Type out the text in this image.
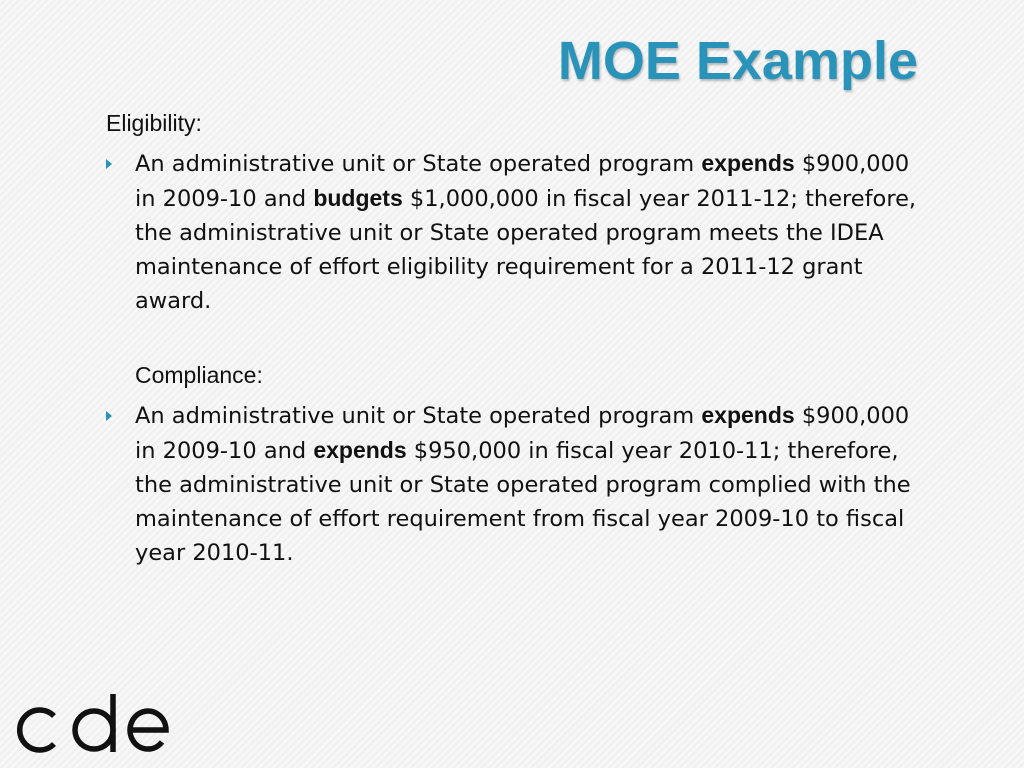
MOE Example

Eligibility:

An administrative unit or State operated program expends $900,000 in 2009-10 and budgets $1,000,000 in fiscal year 2011-12; therefore, the administrative unit or State operated program meets the IDEA maintenance of effort eligibility requirement for a 2011-12 grant award.

Compliance:

An administrative unit or State operated program expends $900,000 in 2009-10 and expends $950,000 in fiscal year 2010-11; therefore, the administrative unit or State operated program complied with the maintenance of effort requirement from fiscal year 2009-10 to fiscal year 2010-11.
